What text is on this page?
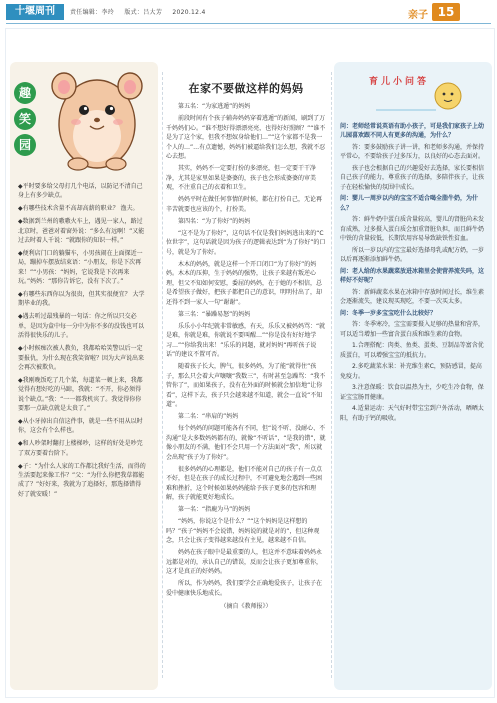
十堰周刊	责任编辑：李玲 版式：吕大芳 2020.12.4	亲子 15
趣
笑
园

◆平时要多给父母打几个电话，以防记不清自己身上有多少缺点。

◆有哪些技术含量不高却高薪的职业？ 渔夫。

◆数据到兰州的嗷嗷火车上，遇见一家人，路过北京时，爸爸对着窗外说：“多么有远啊！”又能过去时着人千说：“就跟你的知识一样。”

◆便利店门口的躺猫车，小男孩闹在上面探近一局，蹦掉车摆放结束语：“小朋友，你是下次再来！”“小男孩：“妈妈，它说我是下次再来玩。”妈妈：“那你告诉它，没有下次了。”

◆有哪些东西你以为很贵，但其实很便宜？ 大学期毕业的我。

◆遇去听过最残暴的一句话：你之所以只交必单，是因为盒中每一分中为你不多的没钱也可以活得很快乐的儿子。

◆小时候痴次被人教负，我都哈哈笑警以后一定要报仇，为什么现在我笑留啦？因为大声说出来会再次被欺负。

◆我刚晚饭吃了几个菜，每道菜一顿上来，我都觉得有想好吃的马蹄，我就：“不开，你必须得说个缺点。”我：“一一都我机宾了。我觉得你你要那一点缺点就是太贵了。”

◆从小牙掉出自信这件事，就是一些不用从以时你，这会有个么样也。

◆和人吵架时翻打上楼梯吵，这样的好处是吵完了双方要着台阶下。

◆子：“为什么人家的工作都比我好生活，而得的生活要起来像工作？”父：“为什么你把我草都能成了？”好好来，我就为了追择好，那选择错得好了就安暖！”

在家不要做这样的妈妈

第五名：“为家逃遁”的妈妈

前段时间有个孩子辅奔妈妈穿着逃遁“的新闻，刷到了万千妈妈们心。“谁不想好得漂漂亮亮，也得好好照顾？”“谁不是为了这个家，但我不想奴身给他们…”“这个家都不是我一个人的…”…有点遗憾，妈妈们被逼给我们怎么想，我就不忍心去想。

其实，妈妈不一定要打扮的多漂亮，但一定要干干净净，尤其是家里如果是婆婆的，孩子也会形成婆婆的审美观，不注重自己的衣着和卫生。

妈妈平时在做任何事情的时候，都在打扮自己，无论再辛苦就要也应该的个，打扮美。

第四名：“为了你好”的妈妈

“这不是为了你好”，这句话不仅是我们妈妈逃出来的“C位世字”，这句话就是因为孩子的逻辑表达到“为了你好”的口号，就是为了你好。

木木的妈妈，就是这样一个开口闭口“为了你好”的妈妈。木木的压抑，生于妈妈的强势，让孩子来越有叛逆心理，但父不知如何安慰，委屈的妈妈，在于她的不相信，总是希望孩子做好，把孩子都把自己的意识，明明付出了，却还得不到一家人一句“谢谢”。

第三名：“暴躁易怒”的妈妈

乐乐小小年纪就非常敏感，有天，乐乐又被妈妈骂：“就是难，你就是难，你就说不要叫醒…”“你是没有好好地学习…”“你给我出来！”乐乐的问题，就对妈妈“再听孩子说话”的建议不置可否。

随着孩子长大，脾气，很多妈妈，为了能“就得住”孩子，那么只会着大声嚷嚷“我数三”，有时甚至急躁骂：“我不管你了”，而如果孩子，没有在外面的时候就会加倍地“让你看”，这样下去，孩子只会越来越不知道，就会一直说“不知道”。

第二名：“串肩的”妈妈

每个妈妈的问题可能各有不同，但“说不听、没耐心、不沟通”是大多数妈妈都有的，就像“不听话”，“是我的错”，就像小朋友的不满，他们不会只用一个方法面对“我”，所以就会出现“孩子为了你好”。

很多妈妈的心理都是，他们不能对自己的孩子有一点点不好，但是在孩子的成长过程中，不可避免地会遇到一些困难和挫折，这个时候如果妈妈能给予孩子更多的包容和理解，孩子就能更好地成长。

第一名：“指鹿为马”的妈妈

“妈妈，你说这个是什么？”“这个妈妈是这样想的吗？”孩子“妈妈不会说错，妈妈说的就是对的”，但这种观念，只会让孩子变得越来越没有主见，越来越不自信。

妈妈在孩子眼中是最重要的人，但这并不意味着妈妈永远都是对的，承认自己的错误，反而会让孩子更加尊重你，这才是真正的好妈妈。

所以，作为妈妈，我们要学会正确地爱孩子，让孩子在爱中健康快乐地成长。

（摘自《教师报》）
育儿小问答

问：老师经常说英语有助小孩子，可是我们家孩子上幼儿园喜欢跟不同人有更多的沟通，为什么？

答：要多鼓励孩子讲一讲，和老师多沟通，并保持平常心，不要给孩子过多压力，以良好的心态去面对。

孩子也会根据自己的兴趣爱好去选择，家长要相信自己孩子的能力，尊重孩子的选择，多陪伴孩子，让孩子在轻松愉快的氛围中成长。

问：婴儿一周岁以内的宝宝不适合喝全脂牛奶，为什么？

答：鲜牛奶中蛋白质含量较高，婴儿的肾脏尚未发育成熟，过多摄入蛋白质会加重肾脏负担，而且鲜牛奶中铁的含量较低，长期饮用容易导致缺铁性贫血。

所以一岁以内的宝宝最好选择母乳或配方奶，一岁以后再逐渐添加鲜牛奶。

问：老人给的水果蔬菜放进冰箱里会使营养流失吗，这样好不好呢？

答：新鲜蔬菜水果在冰箱中存放时间过长，维生素会逐渐流失，建议现买现吃，不要一次买太多。

问：冬季一岁多宝宝吃什么比较好？

答：冬季寒冷，宝宝需要摄入足够的热量和营养，可以适当增加一些富含蛋白质和维生素的食物。

1.合理搭配：肉类、鱼类、蛋类、豆制品等富含优质蛋白，可以增强宝宝的抵抗力。

2.多吃蔬菜水果：补充维生素C，预防感冒，提高免疫力。

3.注意保暖：饮食以温热为主，少吃生冷食物，保证宝宝肠胃健康。

4.适量运动：天气好时带宝宝到户外活动，晒晒太阳，有助于钙的吸收。
